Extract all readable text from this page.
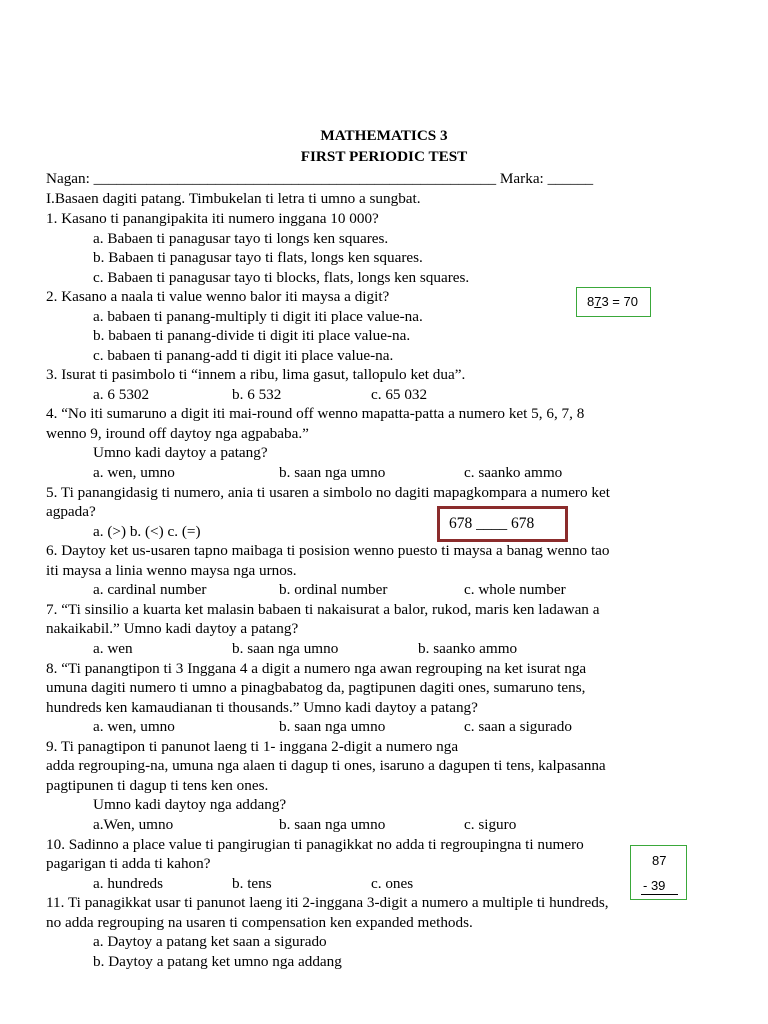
MATHEMATICS 3
FIRST PERIODIC TEST
Nagan: _____________________________________________________ Marka: ______
I.Basaen dagiti patang. Timbukelan ti letra ti umno a sungbat.
1. Kasano ti panangipakita iti numero inggana 10 000?
a. Babaen ti panagusar tayo ti longs ken squares.
b. Babaen ti panagusar tayo ti flats, longs ken squares.
c. Babaen ti panagusar tayo ti blocks, flats, longs ken squares.
2. Kasano a naala ti value wenno balor iti maysa a digit?
a. babaen ti panang-multiply ti digit iti place value-na.
b. babaen ti panang-divide ti digit iti place value-na.
c. babaen ti panang-add ti digit iti place value-na.
3. Isurat ti pasimbolo ti “innem a ribu, lima gasut, tallopulo ket dua”.
a. 6 5302	b. 6 532	c. 65 032
4. “No iti sumaruno a digit iti mai-round off wenno mapatta-patta a numero ket 5, 6, 7, 8
wenno 9, iround off daytoy nga agpababa.”
Umno kadi daytoy a patang?
a. wen, umno	b. saan nga umno	c. saanko ammo
5. Ti panangidasig ti numero, ania ti usaren a simbolo no dagiti mapagkompara a numero ket
agpada?
a. (>) b. (<) c. (=)
6. Daytoy ket us-usaren tapno maibaga ti posision wenno puesto ti maysa a banag wenno tao
iti maysa a linia wenno maysa nga urnos.
a. cardinal number	b. ordinal number	c. whole number
7. “Ti sinsilio a kuarta ket malasin babaen ti nakaisurat a balor, rukod, maris ken ladawan a
nakaikabil.” Umno kadi daytoy a patang?
a. wen	b. saan nga umno	b. saanko ammo
8. “Ti panangtipon ti 3 Inggana 4 a digit a numero nga awan regrouping na ket isurat nga
umuna dagiti numero ti umno a pinagbabatog da, pagtipunen dagiti ones, sumaruno tens,
hundreds ken kamaudianan ti thousands.” Umno kadi daytoy a patang?
a. wen, umno	b. saan nga umno	c. saan a sigurado
9. Ti panagtipon ti panunot laeng ti 1- inggana 2-digit a numero nga
adda regrouping-na, umuna nga alaen ti dagup ti ones, isaruno a dagupen ti tens, kalpasanna
pagtipunen ti dagup ti tens ken ones.
Umno kadi daytoy nga addang?
a.Wen, umno	b. saan nga umno	c. siguro
10. Sadinno a place value ti pangirugian ti panagikkat no adda ti regroupingna ti numero
pagarigan ti adda ti kahon?
a. hundreds	b. tens	c. ones
11. Ti panagikkat usar ti panunot laeng iti 2-inggana 3-digit a numero a multiple ti hundreds,
no adda regrouping na usaren ti compensation ken expanded methods.
a. Daytoy a patang ket saan a sigurado
b. Daytoy a patang ket umno nga addang
873 = 70
678 ____ 678
87
- 39
